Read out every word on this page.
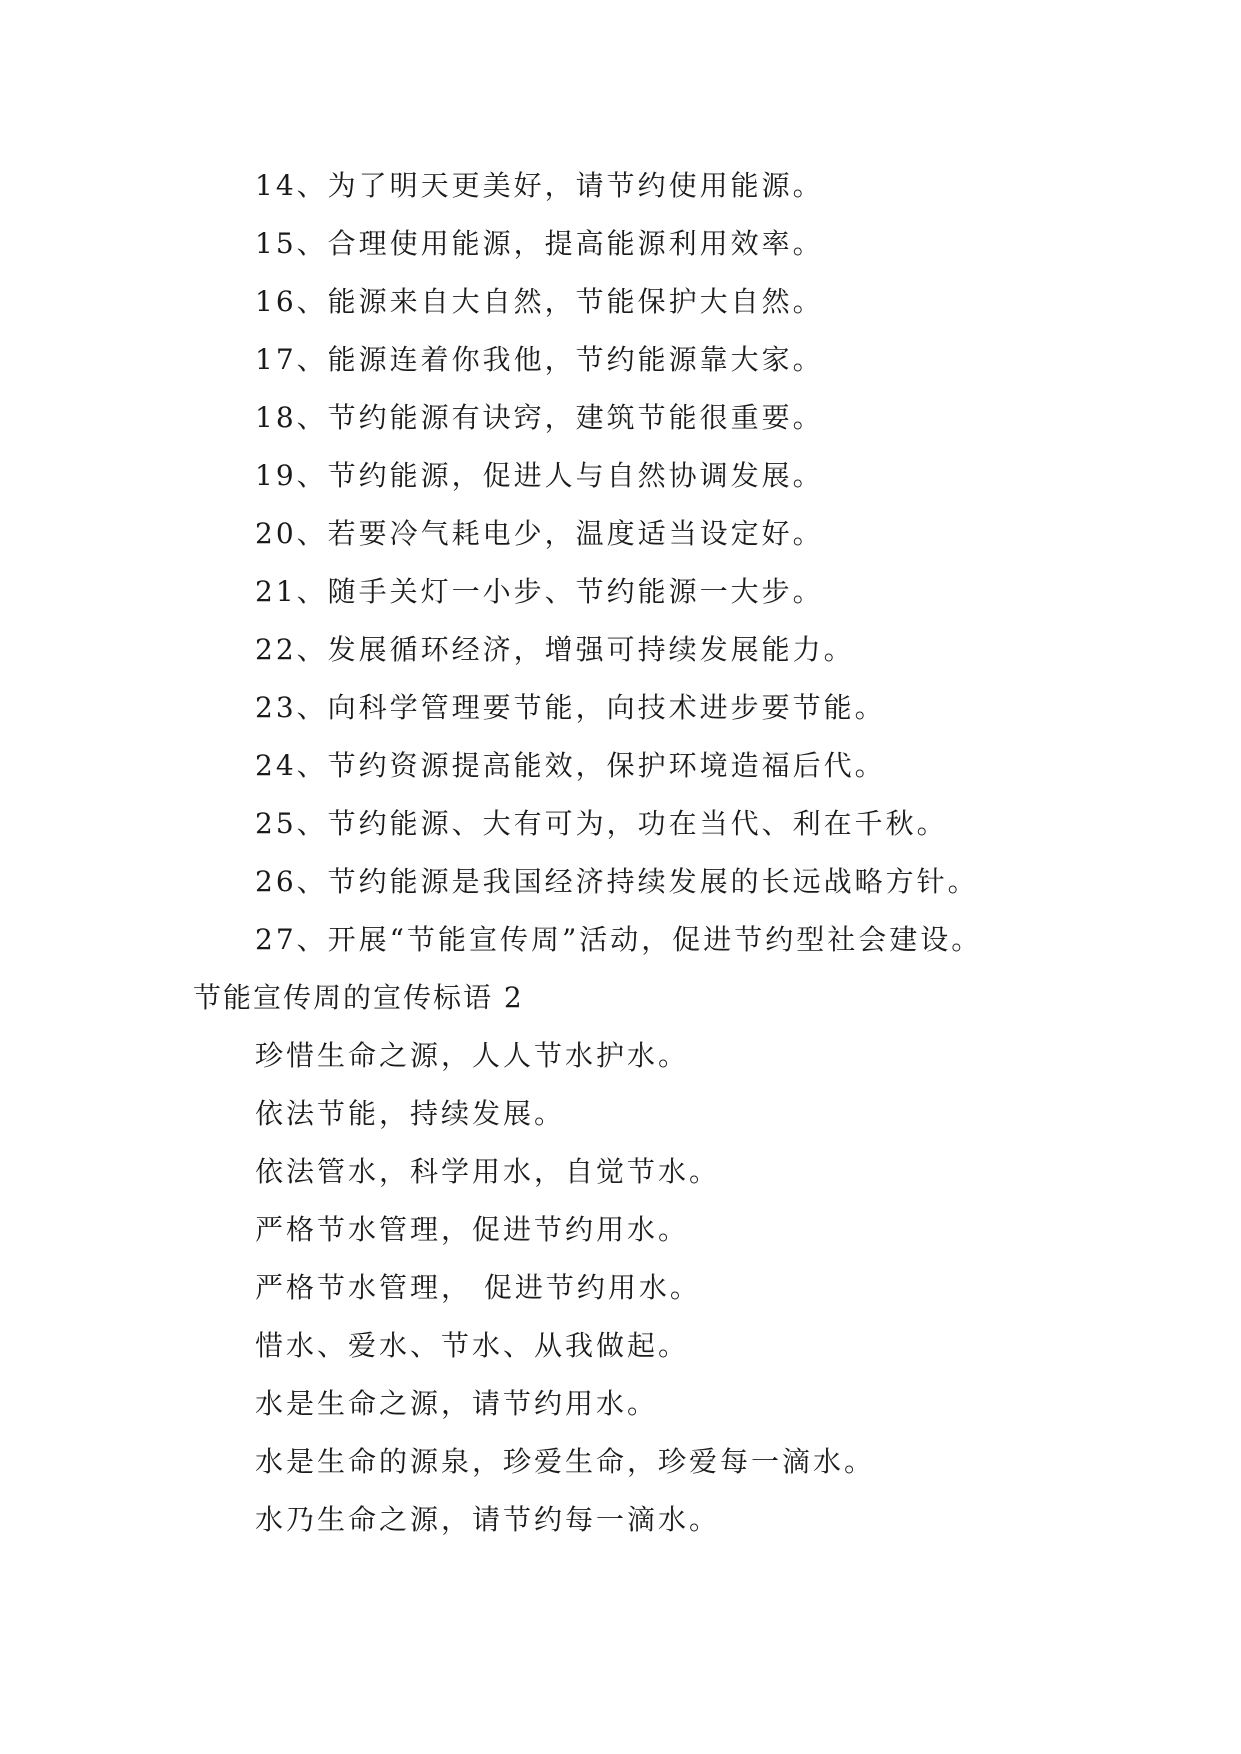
14、为了明天更美好，请节约使用能源。
15、合理使用能源，提高能源利用效率。
16、能源来自大自然，节能保护大自然。
17、能源连着你我他，节约能源靠大家。
18、节约能源有诀窍，建筑节能很重要。
19、节约能源，促进人与自然协调发展。
20、若要冷气耗电少，温度适当设定好。
21、随手关灯一小步、节约能源一大步。
22、发展循环经济，增强可持续发展能力。
23、向科学管理要节能，向技术进步要节能。
24、节约资源提高能效，保护环境造福后代。
25、节约能源、大有可为，功在当代、利在千秋。
26、节约能源是我国经济持续发展的长远战略方针。
27、开展“节能宣传周”活动，促进节约型社会建设。
节能宣传周的宣传标语 2
珍惜生命之源，人人节水护水。
依法节能，持续发展。
依法管水，科学用水，自觉节水。
严格节水管理，促进节约用水。
严格节水管理， 促进节约用水。
惜水、爱水、节水、从我做起。
水是生命之源，请节约用水。
水是生命的源泉，珍爱生命，珍爱每一滴水。
水乃生命之源，请节约每一滴水。
